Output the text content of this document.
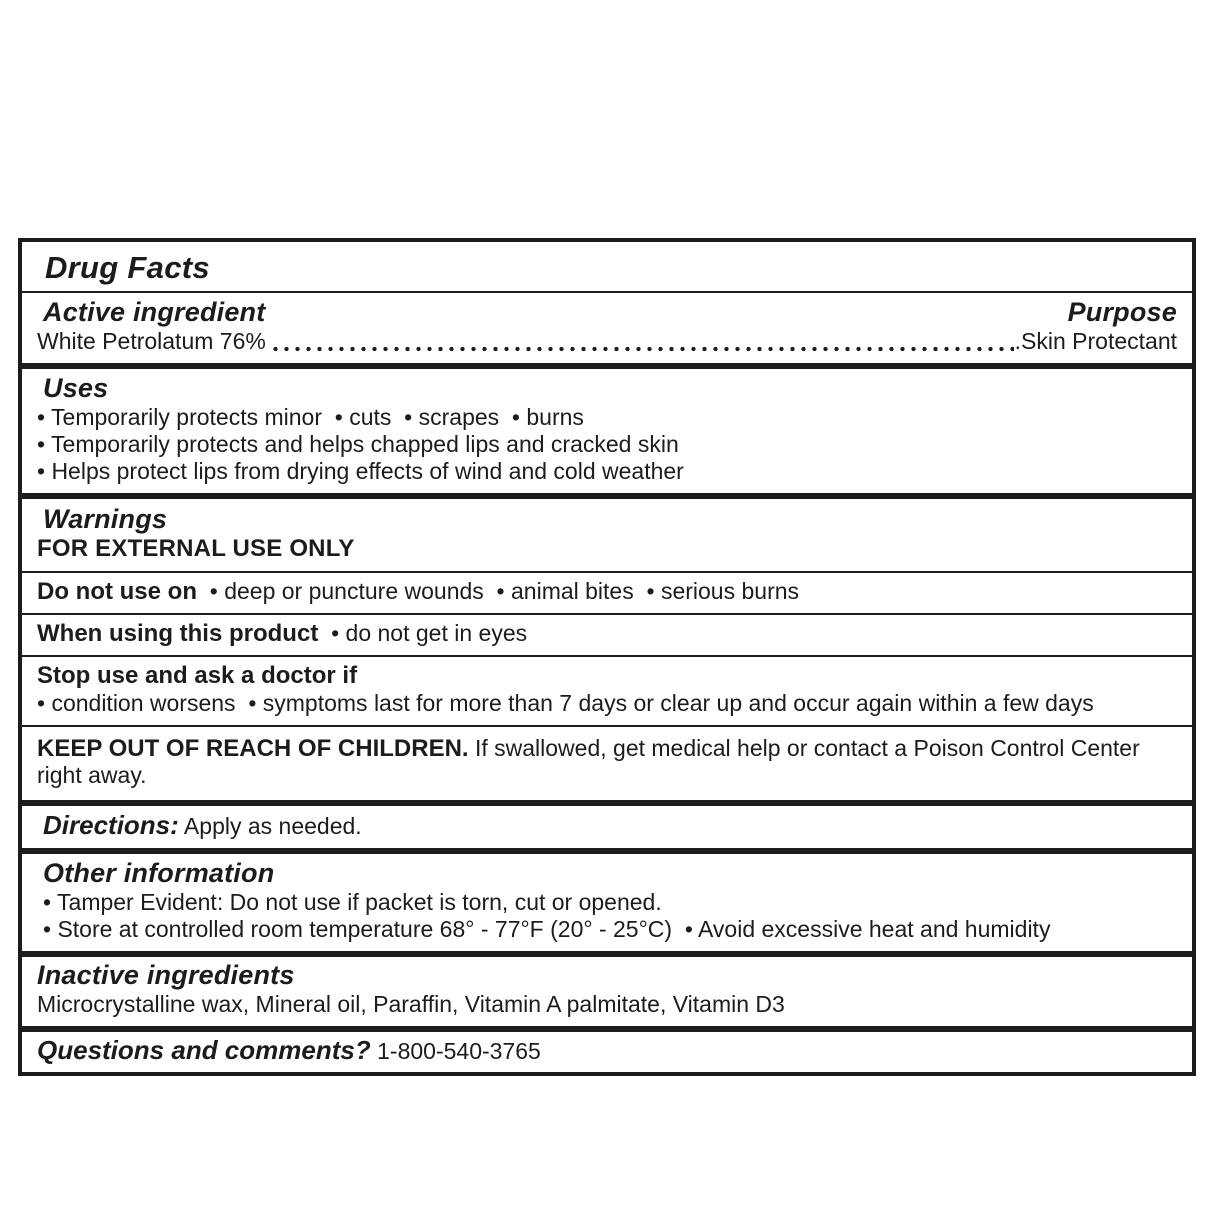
Drug Facts
Active ingredient	Purpose
White Petrolatum 76%	.Skin Protectant
Uses
• Temporarily protects minor  • cuts  • scrapes  • burns
• Temporarily protects and helps chapped lips and cracked skin
• Helps protect lips from drying effects of wind and cold weather
Warnings
FOR EXTERNAL USE ONLY
Do not use on  • deep or puncture wounds  • animal bites  • serious burns
When using this product  • do not get in eyes
Stop use and ask a doctor if
• condition worsens  • symptoms last for more than 7 days or clear up and occur again within a few days
KEEP OUT OF REACH OF CHILDREN. If swallowed, get medical help or contact a Poison Control Center right away.
Directions: Apply as needed.
Other information
• Tamper Evident: Do not use if packet is torn, cut or opened.
• Store at controlled room temperature 68° - 77°F (20° - 25°C)  • Avoid excessive heat and humidity
Inactive ingredients
Microcrystalline wax, Mineral oil, Paraffin, Vitamin A palmitate, Vitamin D3
Questions and comments? 1-800-540-3765
